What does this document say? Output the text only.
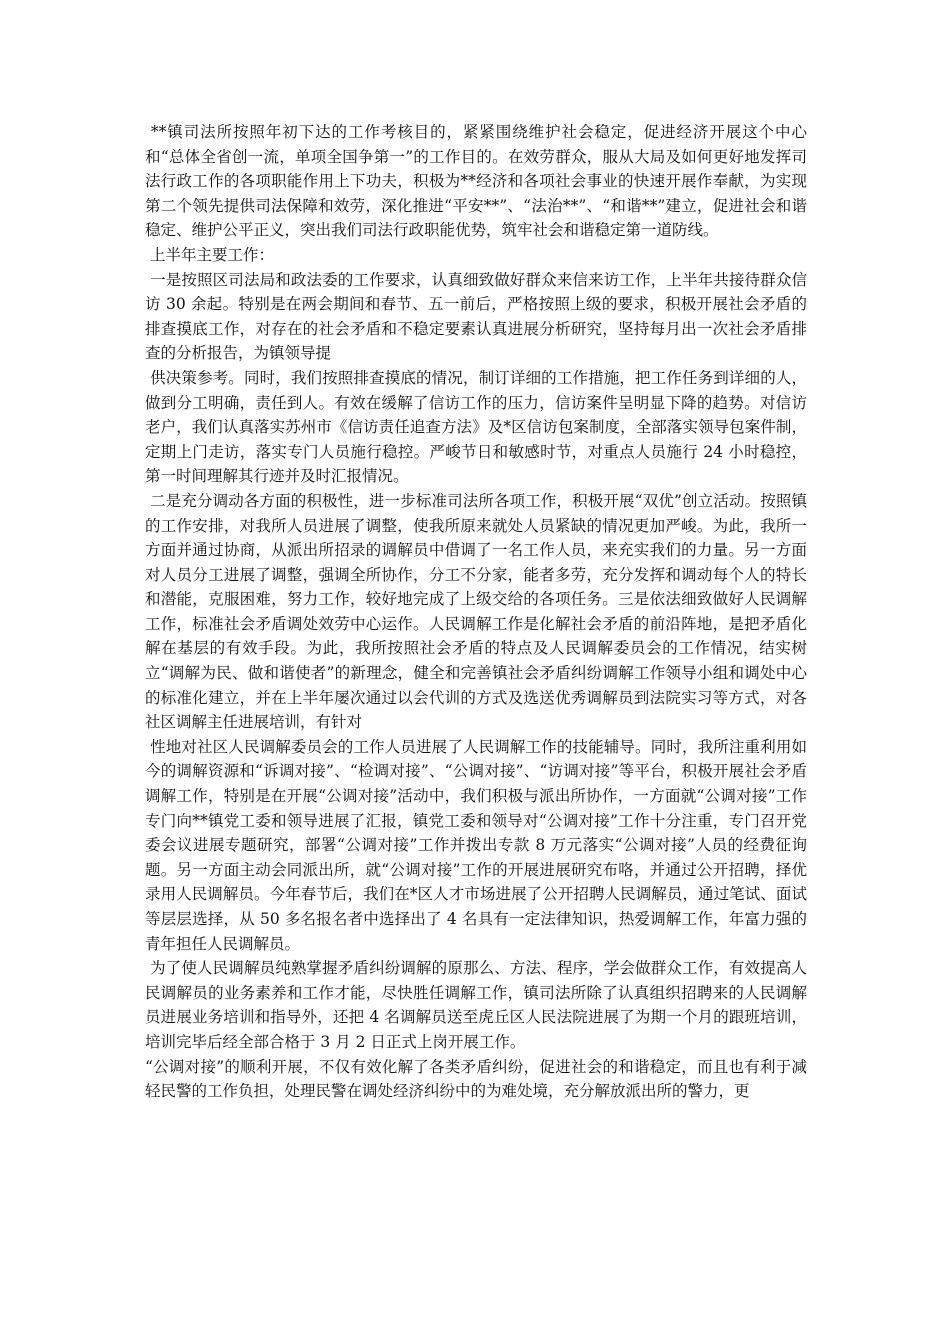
**镇司法所按照年初下达的工作考核目的，紧紧围绕维护社会稳定，促进经济开展这个中心和“总体全省创一流，单项全国争第一”的工作目的。在效劳群众，服从大局及如何更好地发挥司法行政工作的各项职能作用上下功夫，积极为**经济和各项社会事业的快速开展作奉献，为实现第二个领先提供司法保障和效劳，深化推进“平安**”、“法治**”、“和谐**”建立，促进社会和谐稳定、维护公平正义，突出我们司法行政职能优势，筑牢社会和谐稳定第一道防线。

上半年主要工作：

一是按照区司法局和政法委的工作要求，认真细致做好群众来信来访工作，上半年共接待群众信访 30 余起。特别是在两会期间和春节、五一前后，严格按照上级的要求，积极开展社会矛盾的排查摸底工作，对存在的社会矛盾和不稳定要素认真进展分析研究，坚持每月出一次社会矛盾排查的分析报告，为镇领导提

供决策参考。同时，我们按照排查摸底的情况，制订详细的工作措施，把工作任务到详细的人，做到分工明确，责任到人。有效在缓解了信访工作的压力，信访案件呈明显下降的趋势。对信访老户，我们认真落实苏州市《信访责任追查方法》及*区信访包案制度，全部落实领导包案件制，定期上门走访，落实专门人员施行稳控。严峻节日和敏感时节，对重点人员施行 24 小时稳控，第一时间理解其行迹并及时汇报情况。

二是充分调动各方面的积极性，进一步标准司法所各项工作，积极开展“双优”创立活动。按照镇的工作安排，对我所人员进展了调整，使我所原来就处人员紧缺的情况更加严峻。为此，我所一方面并通过协商，从派出所招录的调解员中借调了一名工作人员，来充实我们的力量。另一方面对人员分工进展了调整，强调全所协作，分工不分家，能者多劳，充分发挥和调动每个人的特长和潜能，克服困难，努力工作，较好地完成了上级交给的各项任务。三是依法细致做好人民调解工作，标准社会矛盾调处效劳中心运作。人民调解工作是化解社会矛盾的前沿阵地，是把矛盾化解在基层的有效手段。为此，我所按照社会矛盾的特点及人民调解委员会的工作情况，结实树立“调解为民、做和谐使者”的新理念，健全和完善镇社会矛盾纠纷调解工作领导小组和调处中心的标准化建立，并在上半年屡次通过以会代训的方式及选送优秀调解员到法院实习等方式，对各社区调解主任进展培训，有针对

性地对社区人民调解委员会的工作人员进展了人民调解工作的技能辅导。同时，我所注重利用如今的调解资源和“诉调对接”、“检调对接”、“公调对接”、“访调对接”等平台，积极开展社会矛盾调解工作，特别是在开展“公调对接”活动中，我们积极与派出所协作，一方面就“公调对接”工作专门向**镇党工委和领导进展了汇报，镇党工委和领导对“公调对接”工作十分注重，专门召开党委会议进展专题研究，部署“公调对接”工作并拨出专款 8 万元落实“公调对接”人员的经费征询题。另一方面主动会同派出所，就“公调对接”工作的开展进展研究布咯，并通过公开招聘，择优录用人民调解员。今年春节后，我们在*区人才市场进展了公开招聘人民调解员，通过笔试、面试等层层选择，从 50 多名报名者中选择出了 4 名具有一定法律知识，热爱调解工作，年富力强的青年担任人民调解员。

为了使人民调解员纯熟掌握矛盾纠纷调解的原那么、方法、程序，学会做群众工作，有效提高人民调解员的业务素养和工作才能，尽快胜任调解工作，镇司法所除了认真组织招聘来的人民调解员进展业务培训和指导外，还把 4 名调解员送至虎丘区人民法院进展了为期一个月的跟班培训，培训完毕后经全部合格于 3 月 2 日正式上岗开展工作。

“公调对接”的顺利开展，不仅有效化解了各类矛盾纠纷，促进社会的和谐稳定，而且也有利于减轻民警的工作负担，处理民警在调处经济纠纷中的为难处境，充分解放派出所的警力，更
